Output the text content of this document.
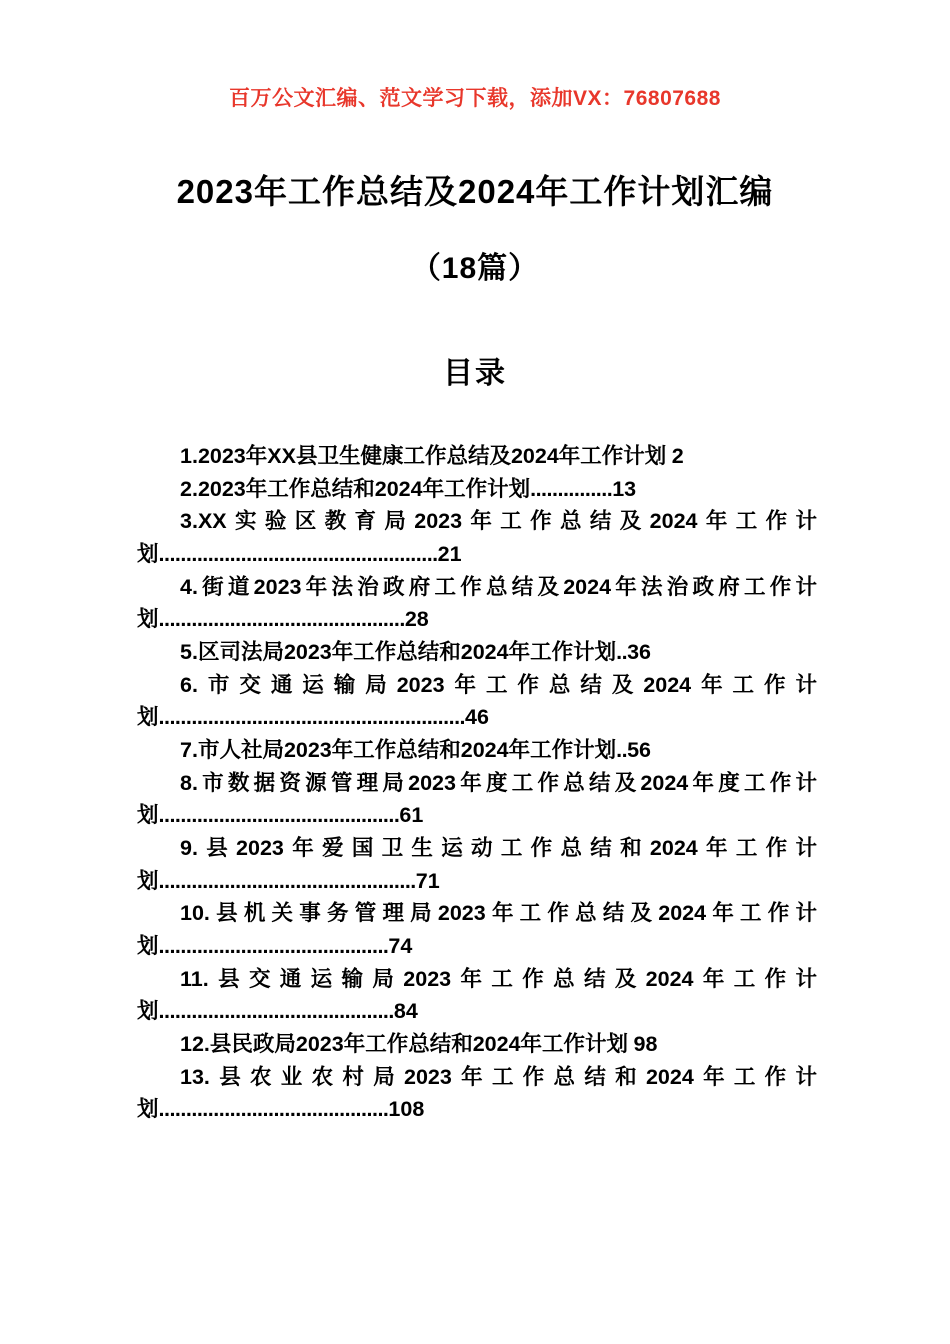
百万公文汇编、范文学习下载，添加VX：76807688
2023年工作总结及2024年工作计划汇编
（18篇）
目录
1.2023年XX县卫生健康工作总结及2024年工作计划 2
2.2023年工作总结和2024年工作计划...............13
3.XX实验区教育局2023年工作总结及2024年工作计划...................................................21
4.街道2023年法治政府工作总结及2024年法治政府工作计划.............................................28
5.区司法局2023年工作总结和2024年工作计划..36
6.市交通运输局2023年工作总结及2024年工作计划........................................................46
7.市人社局2023年工作总结和2024年工作计划..56
8.市数据资源管理局2023年度工作总结及2024年度工作计划............................................61
9.县2023年爱国卫生运动工作总结和2024年工作计划...............................................71
10.县机关事务管理局2023年工作总结及2024年工作计划..........................................74
11.县交通运输局2023年工作总结及2024年工作计划...........................................84
12.县民政局2023年工作总结和2024年工作计划 98
13.县农业农村局2023年工作总结和2024年工作计划..........................................108
